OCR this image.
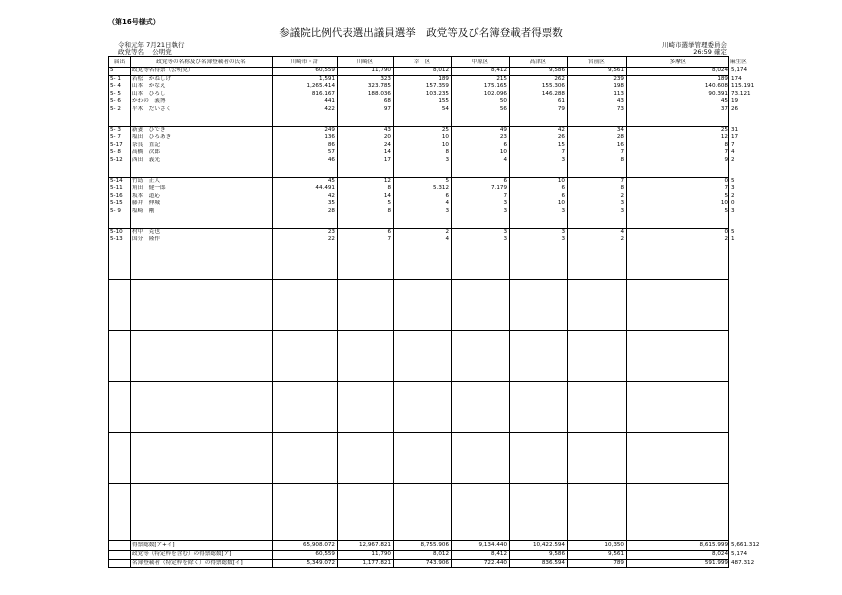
（第16号様式）
参議院比例代表選出議員選挙　政党等及び名簿登載者得票数
令和元年 7月21日執行
政党等名 公明党
川崎市選挙管理委員会
26:59 確定
届出	政党等の名称及び名簿登載者の氏名	川崎市・計	川崎区	幸　区	中原区	高津区	宮前区	多摩区	麻生区
5	政党等名得票（公明党）	60,559	11,790	8,012	8,412	9,586	9,561	8,024 5,174
5- 1	若松　かねしげ	1,591	323	189	215	262	239	189 174
5- 4	山本　かなえ	1,265.414	323.785	157.359	175.165	155.306	198	140.608 115.191
5- 5	山本　ひろし	816.167	188.036	103.235	102.096	146.288	113	90.391 73.121
5- 6	かわの　義博	441	68	155	50	61	43	45 19
5- 2	平木　だいさく	422	97	54	56	79	73	37 26
5- 3	新妻　ひでき	249	43	25	49	42	34	25 31
5- 7	塩田　ひろあき	136	20	10	23	26	28	12 17
5-17	奈良　直記	86	24	10	6	15	16	8 7
5- 8	高橋　次郎	57	14	8	10	7	7	7 4
5-12	西田　義光	46	17	3	4	3	8	9 2
5-14	竹島　正人	45	12	5	6	10	7	0 5
5-11	角田　健一郎	44.491	8	5.312	7.179	6	8	7 3
5-16	坂本　道応	42	14	6	7	6	2	5 2
5-15	藤井　伸城	35	5	4	3	10	3	10 0
5- 9	塩崎　剛	28	8	3	3	3	3	5 3
5-10	村中　克也	23	6	2	3	3	4	0 5
5-13	国分　隆作	22	7	4	3	3	2	2 1
得票総数[ア+イ]	65,908.072	12,967.821	8,755.906	9,134.440	10,422.594	10,350	8,615.999 5,661.312
政党等（特定枠を含む）の得票総数[ア]	60,559	11,790	8,012	8,412	9,586	9,561	8,024 5,174
名簿登載者（特定枠を除く）の得票総数[イ]	5,349.072	1,177.821	743.906	722.440	836.594	789	591.999 487.312
